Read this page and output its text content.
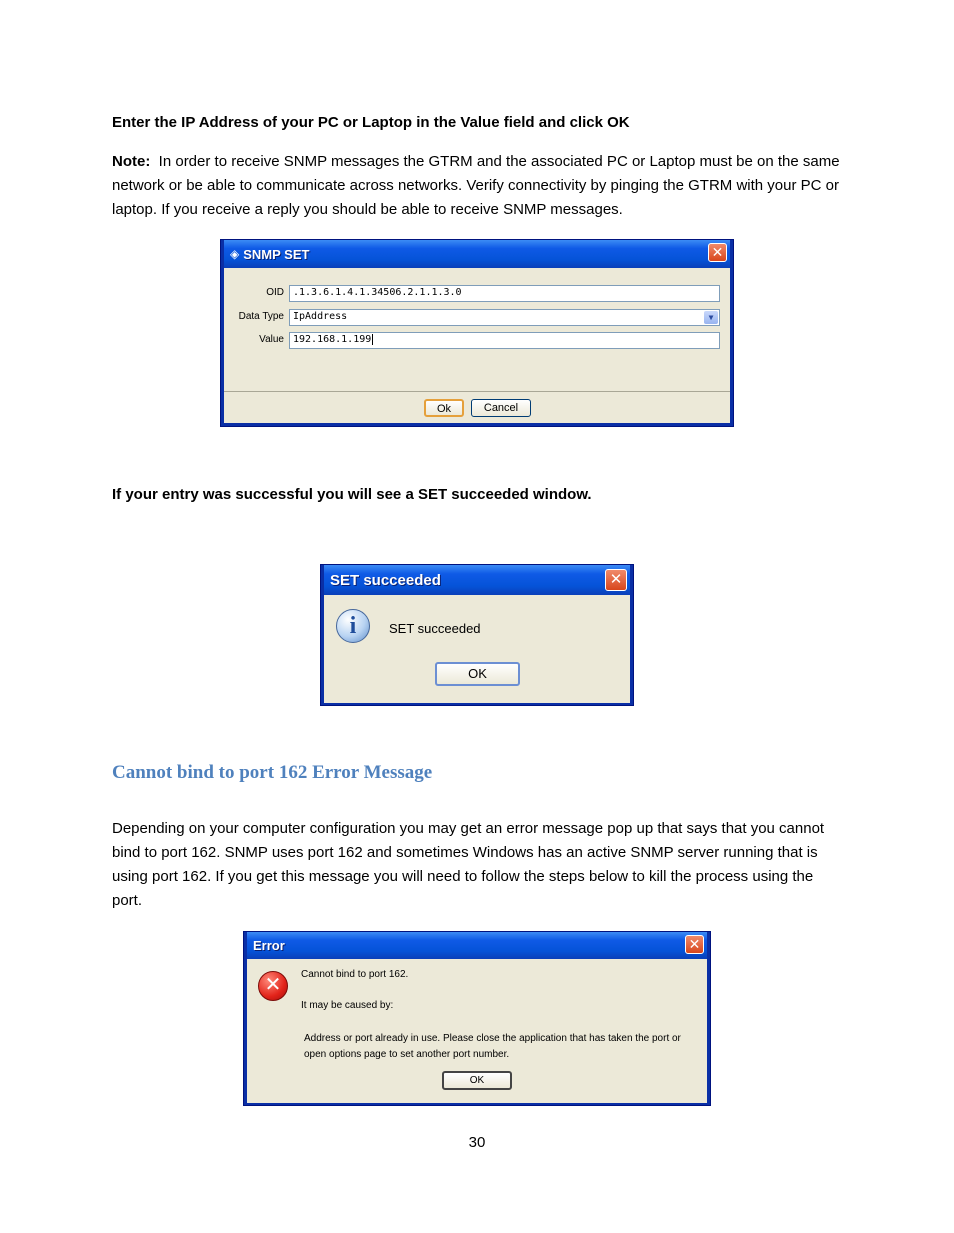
Enter the IP Address of your PC or Laptop in the Value field and click OK

Note: In order to receive SNMP messages the GTRM and the associated PC or Laptop must be on the same network or be able to communicate across networks. Verify connectivity by pinging the GTRM with your PC or laptop. If you receive a reply you should be able to receive SNMP messages.

◈ SNMP SET	✕
OID .1.3.6.1.4.1.34506.2.1.1.3.0
Data Type IpAddress	▼
Value 192.168.1.199
Ok	Cancel

If your entry was successful you will see a SET succeeded window.

SET succeeded	✕
i	SET succeeded
OK
Cannot bind to port 162 Error Message

Depending on your computer configuration you may get an error message pop up that says that you cannot bind to port 162. SNMP uses port 162 and sometimes Windows has an active SNMP server running that is using port 162. If you get this message you will need to follow the steps below to kill the process using the port.

Error	✕
✕	Cannot bind to port 162.
It may be caused by:
Address or port already in use. Please close the application that has taken the port or open options page to set another port number.
OK
30
